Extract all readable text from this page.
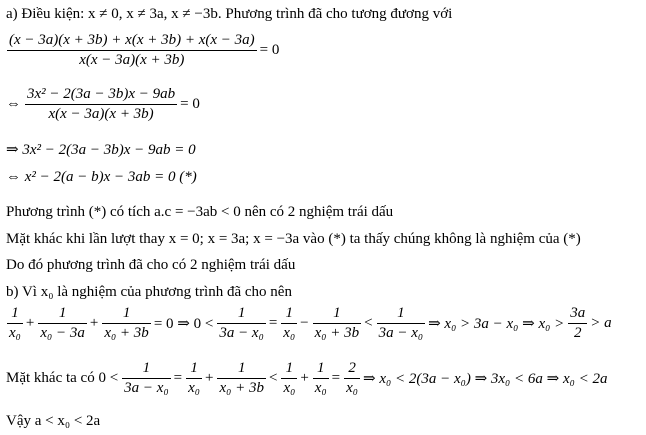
a) Điều kiện: x ≠ 0, x ≠ 3a, x ≠ −3b. Phương trình đã cho tương đương với
$\frac{(x - 3a)(x + 3b) + x(x + 3b) + x(x - 3a)}{x(x - 3a)(x + 3b)} = 0$
⇔ $\frac{\text{3x² − 2(3a − 3b)x − 9ab}}{x(x - 3a)(x + 3b)} = 0$
⇒ 3x² − 2(3a − 3b)x − 9ab = 0
⇔ x² − 2(a − b)x − 3ab = 0 (*)
Phương trình (*) có tích a.c = −3ab < 0 nên có 2 nghiệm trái dấu
Mặt khác khi lần lượt thay x = 0; x = 3a; x = −3a vào (*) ta thấy chúng không là nghiệm của (*)
Do đó phương trình đã cho có 2 nghiệm trái dấu
b) Vì x₀ là nghiệm của phương trình đã cho nên
$\frac{1}{\text{x₀}} + \frac{1}{\text{x₀ − 3a}} + \frac{1}{\text{x₀ + 3b}} = 0$ ⇒ $0 < \frac{1}{\text{3a − x₀}} = \frac{1}{\text{x₀}} - \frac{1}{\text{x₀ + 3b}} < \frac{1}{\text{3a − x₀}}$ ⇒ x₀ > 3a − x₀ ⇒ $x_0 > \frac{3a}{2} > a$
Mặt khác ta có $0 < \frac{1}{\text{3a − x₀}} = \frac{1}{\text{x₀}} + \frac{1}{\text{x₀ + 3b}} < \frac{1}{\text{x₀}} + \frac{1}{\text{x₀}} = \frac{2}{\text{x₀}}$ ⇒ x₀ < 2(3a − x₀) ⇒ 3x₀ < 6a ⇒ x₀ < 2a
Vậy a < x₀ < 2a
